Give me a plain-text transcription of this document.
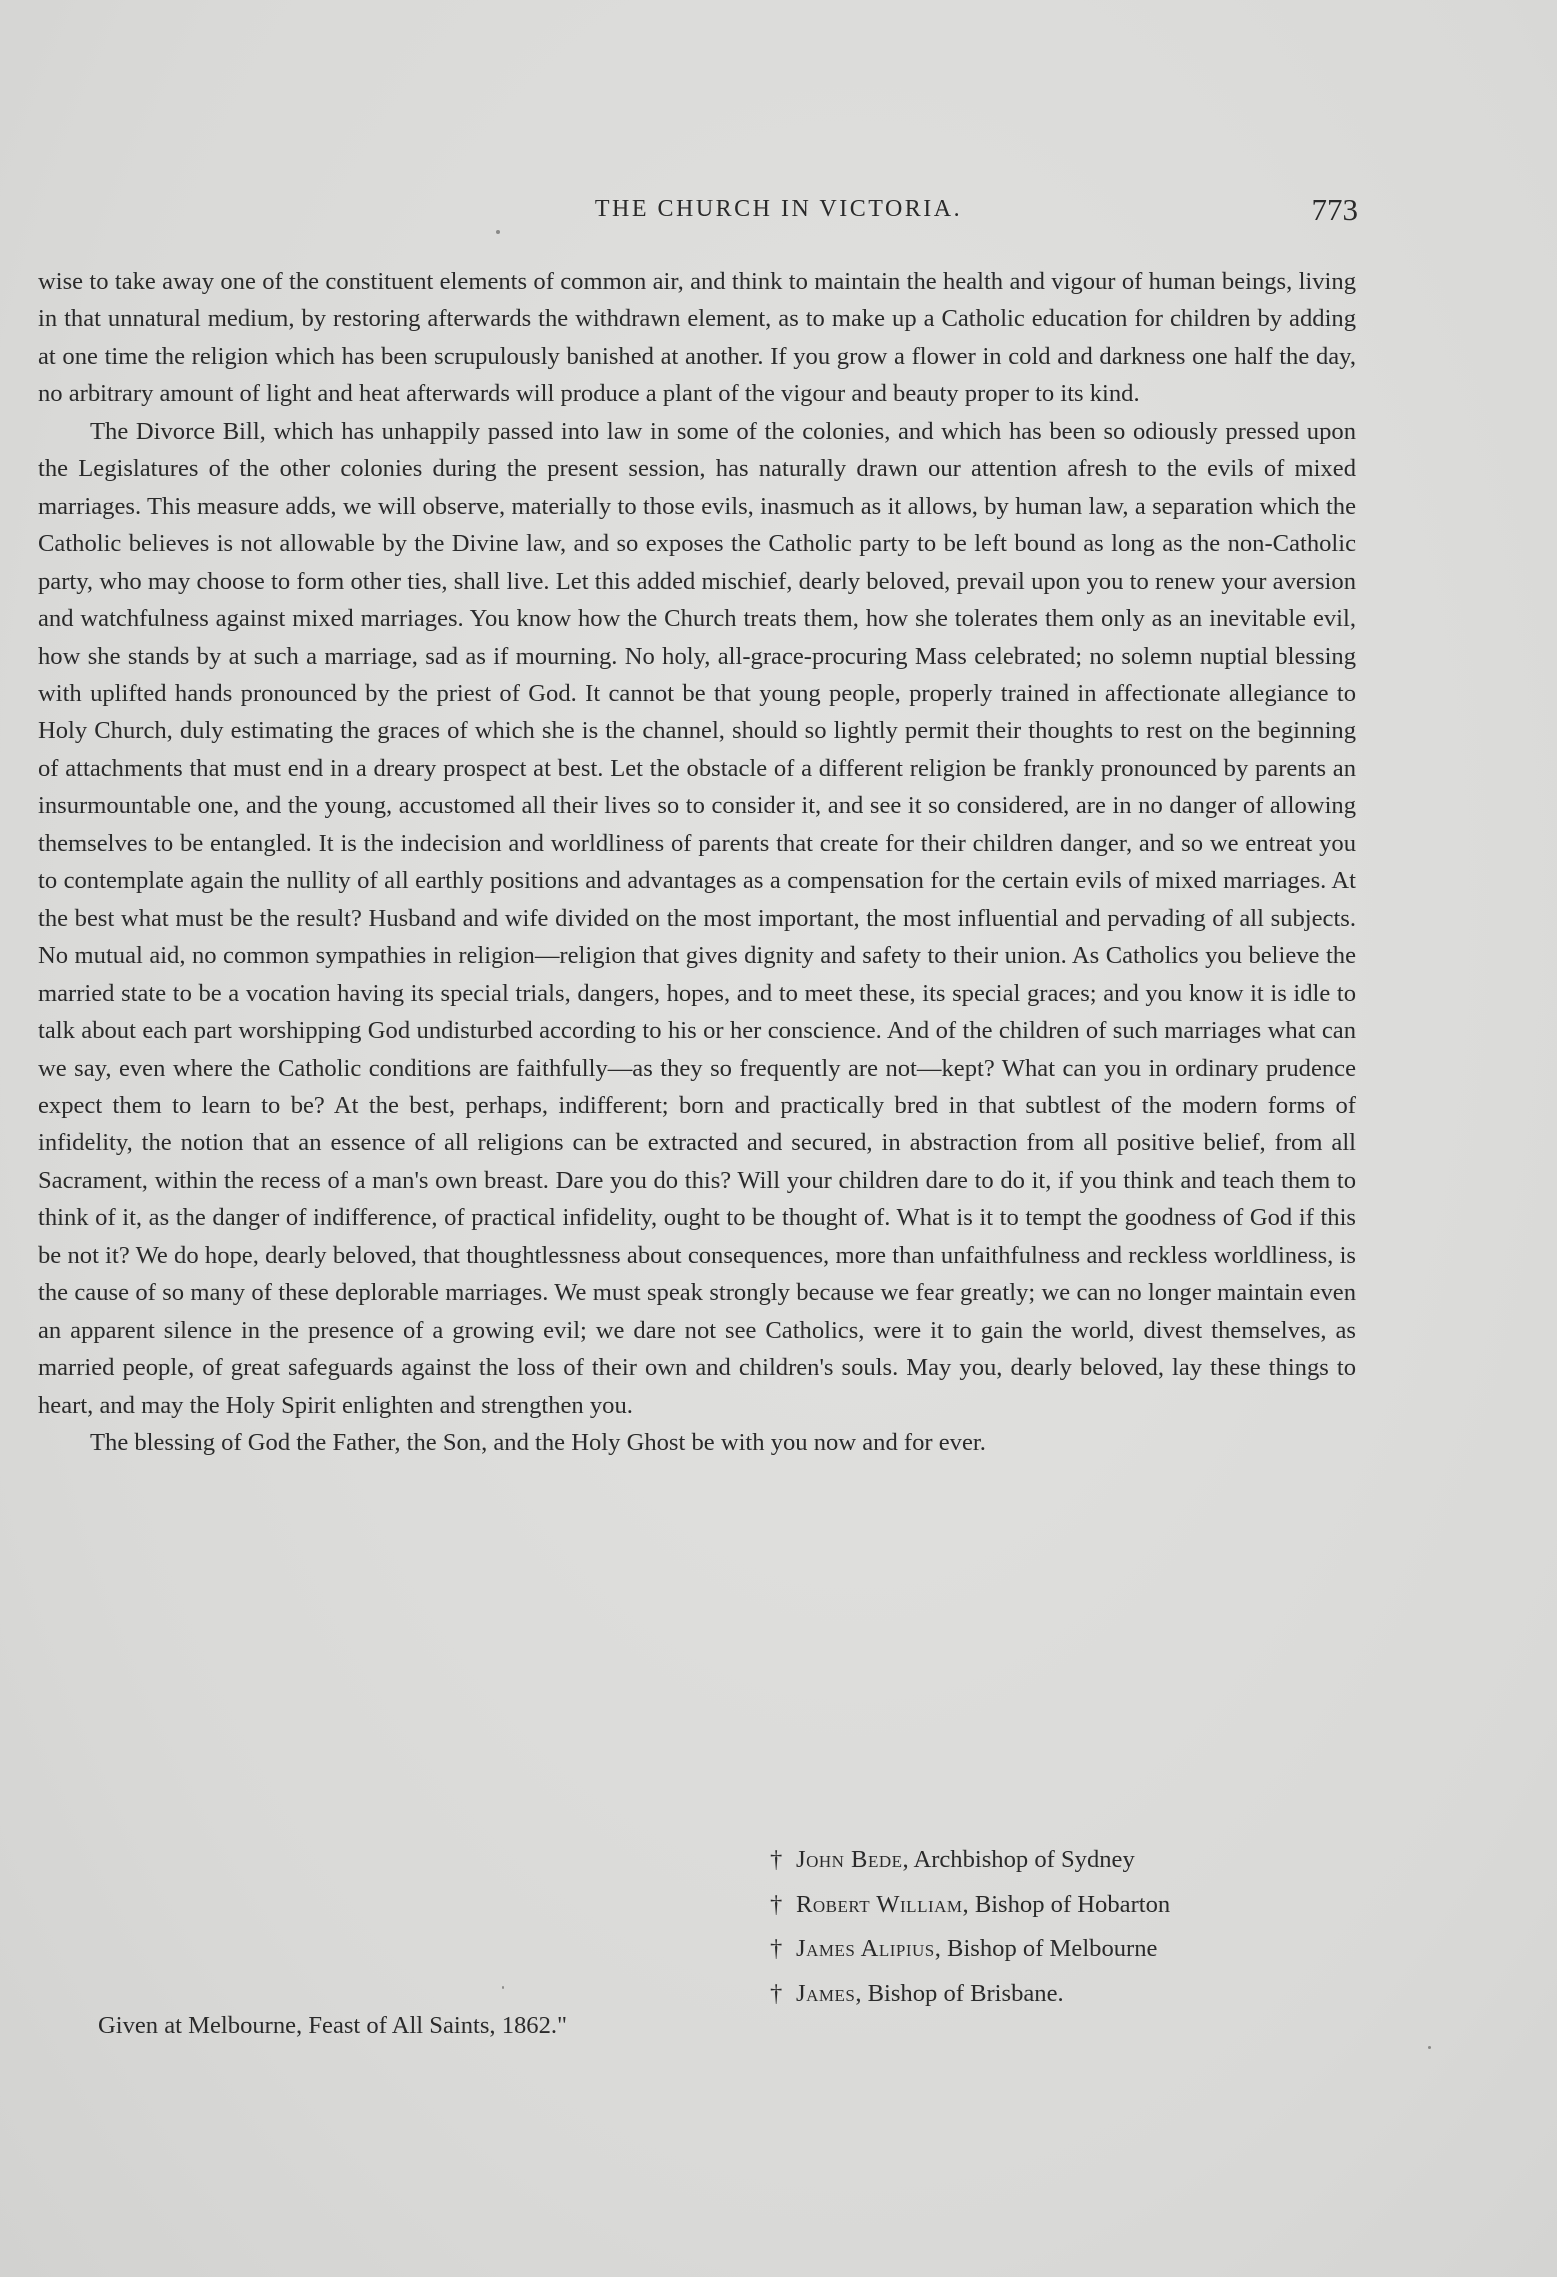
THE CHURCH IN VICTORIA.	773

wise to take away one of the constituent elements of common air, and think to maintain the health and vigour of human beings, living in that unnatural medium, by restoring afterwards the withdrawn element, as to make up a Catholic education for children by adding at one time the religion which has been scrupulously banished at another. If you grow a flower in cold and darkness one half the day, no arbitrary amount of light and heat afterwards will produce a plant of the vigour and beauty proper to its kind.

The Divorce Bill, which has unhappily passed into law in some of the colonies, and which has been so odiously pressed upon the Legislatures of the other colonies during the present session, has naturally drawn our attention afresh to the evils of mixed marriages. This measure adds, we will observe, materially to those evils, inasmuch as it allows, by human law, a separation which the Catholic believes is not allowable by the Divine law, and so exposes the Catholic party to be left bound as long as the non-Catholic party, who may choose to form other ties, shall live. Let this added mischief, dearly beloved, prevail upon you to renew your aversion and watchfulness against mixed marriages. You know how the Church treats them, how she tolerates them only as an inevitable evil, how she stands by at such a marriage, sad as if mourning. No holy, all-grace-procuring Mass celebrated; no solemn nuptial blessing with uplifted hands pronounced by the priest of God. It cannot be that young people, properly trained in affectionate allegiance to Holy Church, duly estimating the graces of which she is the channel, should so lightly permit their thoughts to rest on the beginning of attachments that must end in a dreary prospect at best. Let the obstacle of a different religion be frankly pronounced by parents an insurmountable one, and the young, accustomed all their lives so to consider it, and see it so considered, are in no danger of allowing themselves to be entangled. It is the indecision and worldliness of parents that create for their children danger, and so we entreat you to contemplate again the nullity of all earthly positions and advantages as a compensation for the certain evils of mixed marriages. At the best what must be the result? Husband and wife divided on the most important, the most influential and pervading of all subjects. No mutual aid, no common sympathies in religion—religion that gives dignity and safety to their union. As Catholics you believe the married state to be a vocation having its special trials, dangers, hopes, and to meet these, its special graces; and you know it is idle to talk about each part worshipping God undisturbed according to his or her conscience. And of the children of such marriages what can we say, even where the Catholic conditions are faithfully—as they so frequently are not—kept? What can you in ordinary prudence expect them to learn to be? At the best, perhaps, indifferent; born and practically bred in that subtlest of the modern forms of infidelity, the notion that an essence of all religions can be extracted and secured, in abstraction from all positive belief, from all Sacrament, within the recess of a man's own breast. Dare you do this? Will your children dare to do it, if you think and teach them to think of it, as the danger of indifference, of practical infidelity, ought to be thought of. What is it to tempt the goodness of God if this be not it? We do hope, dearly beloved, that thoughtlessness about consequences, more than unfaithfulness and reckless worldliness, is the cause of so many of these deplorable marriages. We must speak strongly because we fear greatly; we can no longer maintain even an apparent silence in the presence of a growing evil; we dare not see Catholics, were it to gain the world, divest themselves, as married people, of great safeguards against the loss of their own and children's souls. May you, dearly beloved, lay these things to heart, and may the Holy Spirit enlighten and strengthen you.

The blessing of God the Father, the Son, and the Holy Ghost be with you now and for ever.

† John Bede, Archbishop of Sydney
† Robert William, Bishop of Hobarton
† James Alipius, Bishop of Melbourne
† James, Bishop of Brisbane.
Given at Melbourne, Feast of All Saints, 1862."
